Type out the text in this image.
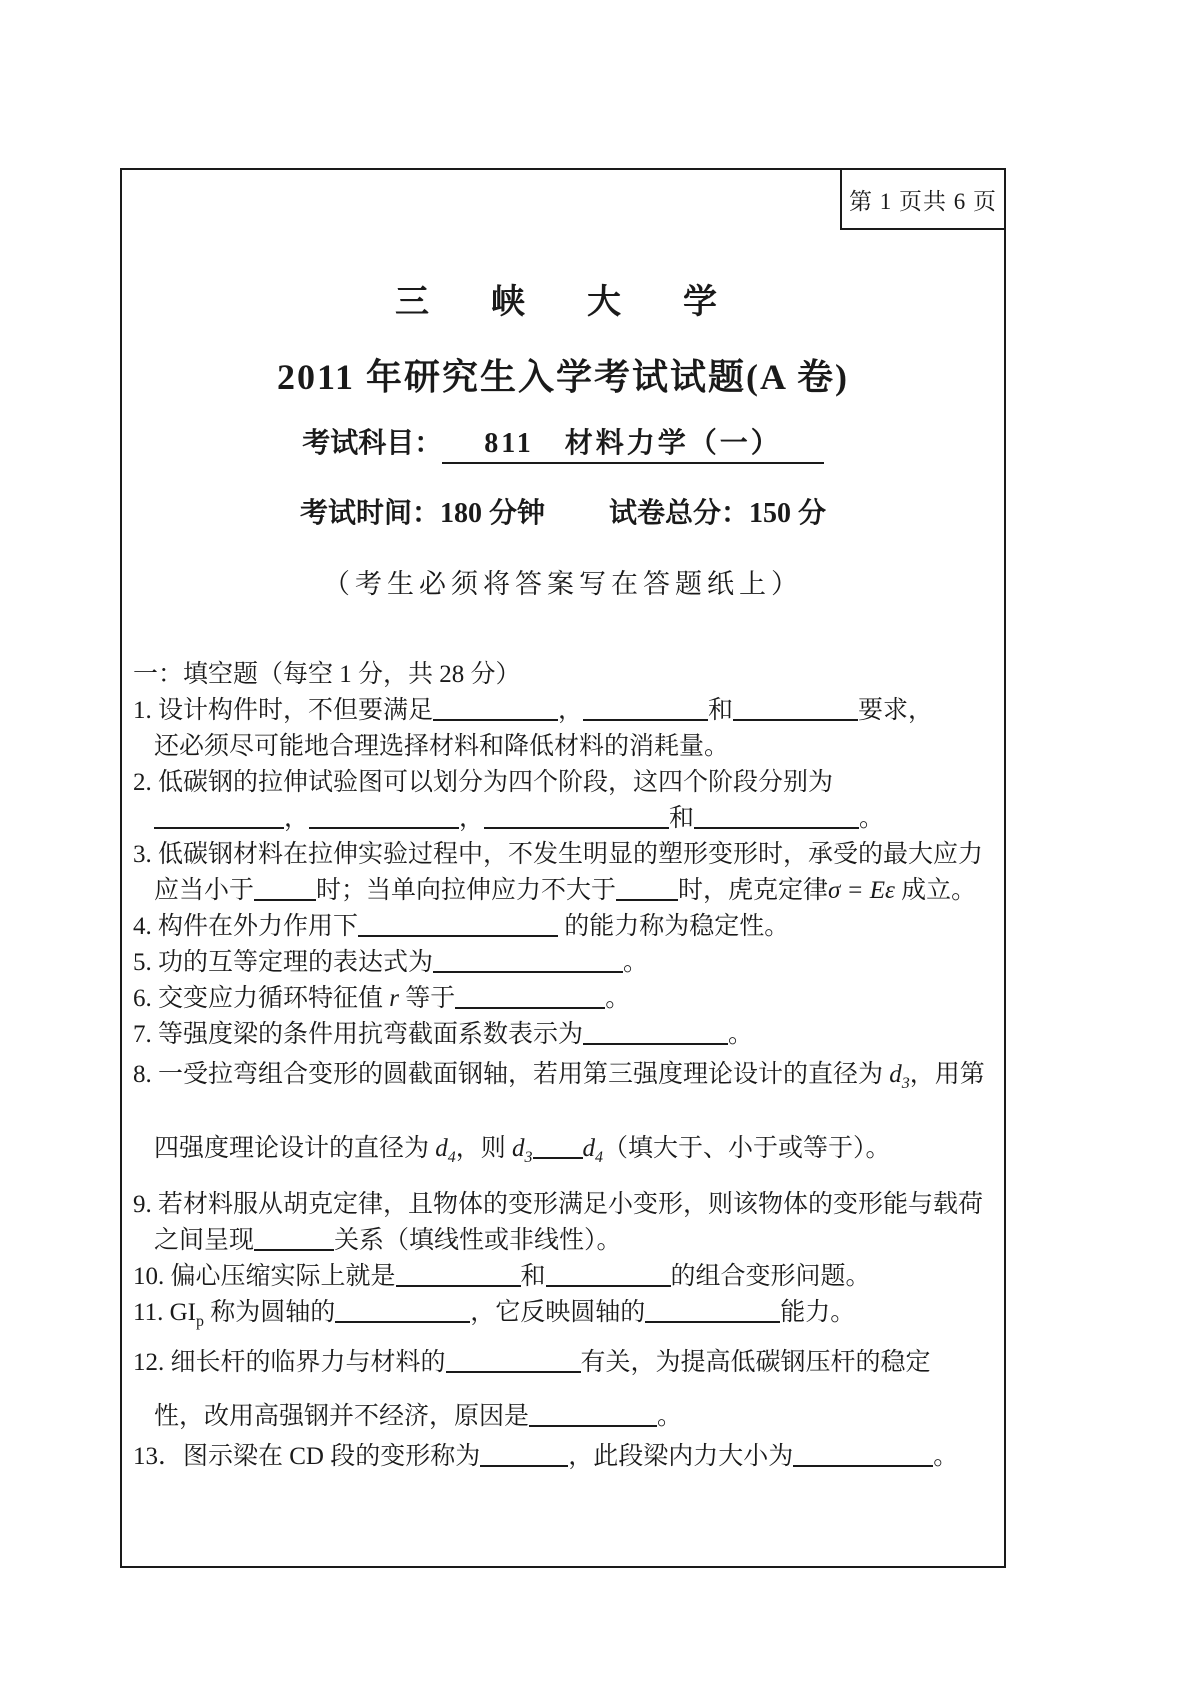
第 1 页共 6 页
三　峡　大　学
2011 年研究生入学考试试题(A 卷)
考试科目： 811　材料力学（一）
考试时间：180 分钟 试卷总分：150 分
（考生必须将答案写在答题纸上）
一：填空题（每空 1 分，共 28 分）
1. 设计构件时，不但要满足	，	和	要求，
还必须尽可能地合理选择材料和降低材料的消耗量。
2. 低碳钢的拉伸试验图可以划分为四个阶段，这四个阶段分别为
，	，	和	。
3. 低碳钢材料在拉伸实验过程中，不发生明显的塑形变形时，承受的最大应力
应当小于 时；当单向拉伸应力不大于 时，虎克定律σ = Eε 成立。
4. 构件在外力作用下	的能力称为稳定性。
5. 功的互等定理的表达式为	。
6. 交变应力循环特征值 r 等于	。
7. 等强度梁的条件用抗弯截面系数表示为	。
8. 一受拉弯组合变形的圆截面钢轴，若用第三强度理论设计的直径为 $d_3$，用第
四强度理论设计的直径为 $d_4$，则 $d_3$ $d_4$（填大于、小于或等于）。
9. 若材料服从胡克定律，且物体的变形满足小变形，则该物体的变形能与载荷
之间呈现	关系（填线性或非线性）。
10. 偏心压缩实际上就是	和	的组合变形问题。
11. $GI_p$ 称为圆轴的	，它反映圆轴的	能力。
12. 细长杆的临界力与材料的	有关，为提高低碳钢压杆的稳定
性，改用高强钢并不经济，原因是	。
13．图示梁在 CD 段的变形称为	，此段梁内力大小为	。
